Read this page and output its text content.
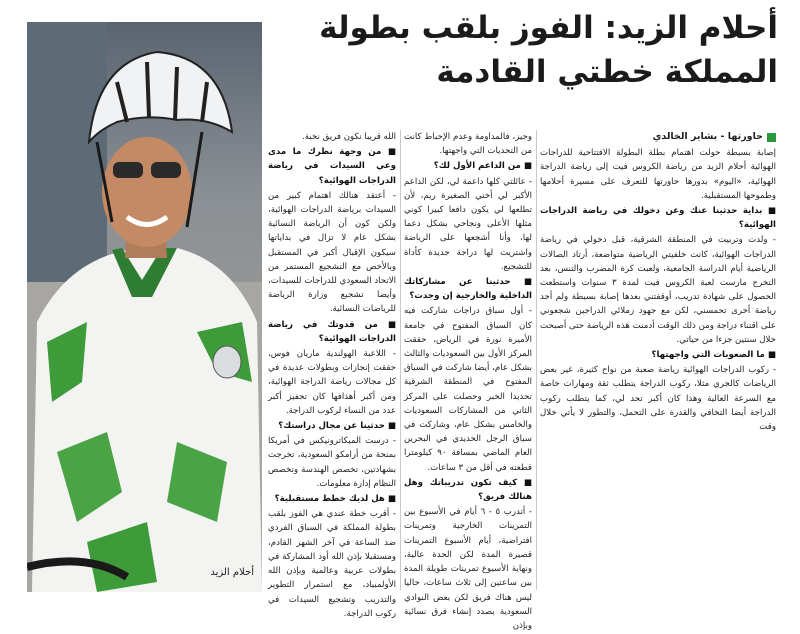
أحلام الزيد
أحلام الزيد: الفوز بلقب بطولة
المملكة خطتي القادمة
حاورتها - بشاير الخالدي

إصابة بسيطة حولت اهتمام بطلة البطولة الافتتاحية للدراجات الهوائية أحلام الزيد من رياضة الكروس فيت إلى رياضة الدراجة الهوائية، «اليوم» بدورها حاورتها للتعرف على مسيرة أحلامها وطموحها المستقبلية.

■ بداية حدثينا عنك وعن دخولك في رياضة الدراجات الهوائية؟

- ولدت وتربيت في المنطقة الشرقية، قبل دخولي في رياضة الدراجات الهوائية، كانت خلفيتي الرياضية متواضعة، أرتاد الصالات الرياضية أيام الدراسة الجامعية، ولعبت كرة المضرب والتنس، بعد التخرج مارست لعبة الكروس فيت لمدة ٣ سنوات واستطعت الحصول على شهادة تدريب، أوقفتني بعدها إصابة بسيطة ولم أجد رياضة أخرى تحمسني، لكن مع جهود زملائي الدراجين شجعوني على اقتناء دراجة ومن ذلك الوقت أدمنت هذه الرياضة حتى أصبحت خلال سنتين جزءا من حياتي.

■ ما الصعوبات التي واجهتها؟

- ركوب الدراجات الهوائية رياضة صعبة من نواح كثيرة، غير بعض الرياضات كالجري مثلا، ركوب الدراجة يتطلب ثقة ومهارات خاصة مع السرعة العالية وهذا كان أكبر تحد لي، كما يتطلب ركوب الدراجة أيضا التخافي والقدرة على التحمل، والتطور لا يأتي خلال وقت

وجيز، فالمداومة وعدم الإحباط كانت من التحديات التي واجهتها.

■ من الداعم الأول لك؟

- عائلتي كلها داعمة لي، لكن الداعم الأكبر لي أختي الصغيرة ريم، لأن تطلعها لي يكون دافعا كبيرا كوني مثلها الأعلى ونجاحي بشكل دعما لها، وأنا أشجعها على الرياضة واشتريت لها دراجة جديدة كأداة للتشجيع.

■ حدثينا عن مشاركاتك الداخلية والخارجية إن وجدت؟

- أول سباق دراجات شاركت فيه كان السباق المفتوح في جامعة الأميرة نورة في الرياض، حققت المركز الأول بين السعوديات والثالث بشكل عام، أيضا شاركت في السباق المفتوح في المنطقة الشرقية تحديدا الخبر وحصلت على المركز الثاني من المشاركات السعوديات والخامس بشكل عام، وشاركت في سباق الرجل الحديدي في البحرين العام الماضي بمسافة ٩٠ كيلومترا قطعته في أقل من ٣ ساعات.

■ كيف تكون تدريباتك وهل هنالك فريق؟

- أتدرب ٥ - ٦ أيام في الأسبوع بين التمرينات الخارجية وتمرينات افتراضية، أيام الأسبوع التمرينات قصيرة المدة لكن الحدة عالية، ونهاية الأسبوع تمرينات طويلة المدة بين ساعتين إلى ثلاث ساعات، حاليا ليس هناك فريق لكن بعض النوادي السعودية بصدد إنشاء فرق نسائية وبإذن

الله قريبا نكون فريق نخبة.

■ من وجهة نظرك ما مدى وعي السيدات في رياضة الدراجات الهوائية؟

- أعتقد هنالك اهتمام كبير من السيدات برياضة الدراجات الهوائية، ولكن كون أن الرياضة النسائية بشكل عام لا تزال في بداياتها سيكون الإقبال أكبر في المستقبل وبالأخص مع التشجيع المستمر من الاتحاد السعودي للدراجات للسيدات، وأيضا تشجيع وزارة الرياضة للرياضات النسائية.

■ من قدوتك في رياضة الدراجات الهوائية؟

- اللاعبة الهولندية ماريان فوس، حققت إنجازات وبطولات عديدة في كل مجالات رياضة الدراجة الهوائية، ومن أكبر أهدافها كان تحفيز أكبر عدد من النساء لركوب الدراجة.

■ حدثينا عن مجال دراستك؟

- درست الميكاترونيكس في أمريكا بمنحة من أرامكو السعودية، تخرجت بشهادتين، تخصص الهندسة وتخصص النظام إدارة معلومات.

■ هل لديك خطط مستقبلية؟

- أقرب خطة عندي هي الفوز بلقب بطولة المملكة في السباق الفردي ضد الساعة في آخر الشهر القادم، ومستقبلا بإذن الله أود المشاركة في بطولات عربية وعالمية وبإذن الله الأولمبياد، مع استمرار التطوير والتدريب وتشجيع السيدات في ركوب الدراجة.
